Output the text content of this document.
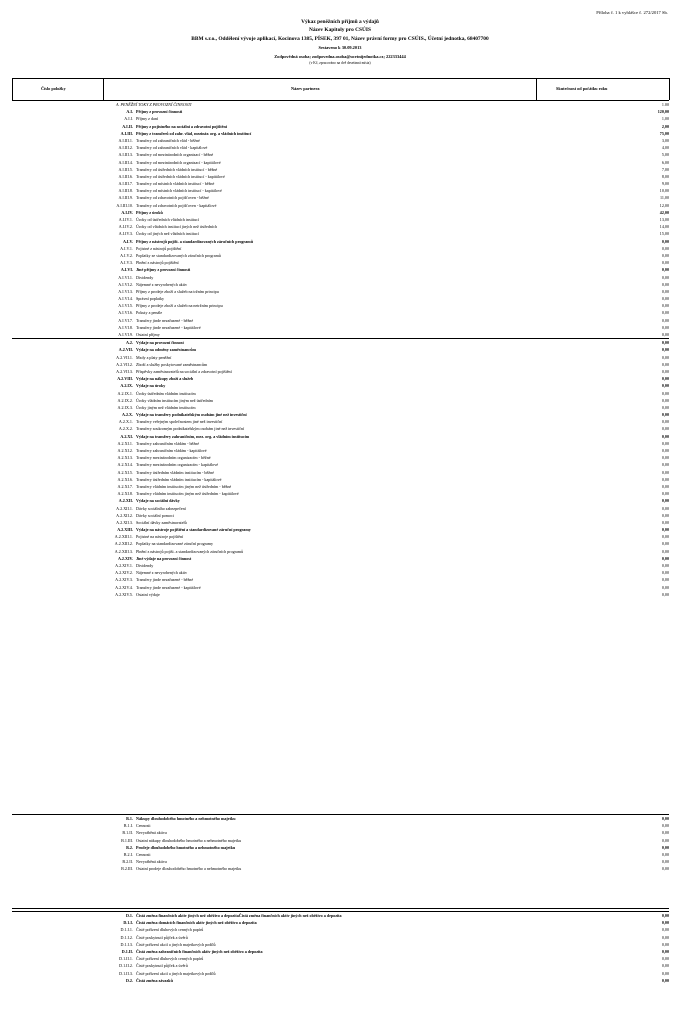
Příloha č. 1 k vyhlášce č. 272/2017 Sb.
Výkaz peněžních příjmů a výdajů
Název Kapitoly pro CSÚIS
BBM s.r.o., Oddělení vývoje aplikací, Kocinova 1385, PÍSEK, 397 01, Název právní formy pro CSÚIS., Účetní jednotka, 68407700
Sestaveno k 30.09.2013
Zodpovědná osoba; zodpovedna.osoba@ucetnijednotka.cz; 222333444
(v Kč, zpracováno na dvě desetinná místa)
Číslo položky	Název partnera	Skutečnost od počátku roku
A. PENĚŽNÍ TOKY Z PROVOZNÍ ČINNOSTI	1.00
A.I. Příjmy z provozní činnosti	120,00
A.I.I. Příjmy z daní	1,00
A.I.II. Příjmy z pojistného na sociální a zdravotní pojištění	2,00
A.I.III. Příjmy z transferů od zahr. vlád, mezinár. org. a vládních institucí	75,00
A.I.III.1. Transfery od zahraničních vlád - běžné	3,00
A.I.III.2. Transfery od zahraničních vlád - kapitálové	4,00
A.I.III.3. Transfery od mezinárodních organizací - běžné	5,00
A.I.III.4. Transfery od mezinárodních organizací - kapitálové	6,00
A.I.III.5. Transfery od ústředních vládních institucí - běžné	7,00
A.I.III.6. Transfery od ústředních vládních institucí - kapitálové	8,00
A.I.III.7. Transfery od místních vládních institucí - běžné	9,00
A.I.III.8. Transfery od místních vládních institucí - kapitálové	10,00
A.I.III.9. Transfery od zdravotních pojišťoven - běžné	11,00
A.I.III.10. Transfery od zdravotních pojišťoven - kapitálové	12,00
A.I.IV. Příjmy z úroků	42,00
A.I.IV.1. Úroky od ústředních vládních institucí	13,00
A.I.IV.2. Úroky od vládních institucí jiných než ústředních	14,00
A.I.IV.3. Úroky od jiných než vládních institucí	15,00
A.I.V. Příjmy z nástrojů pojišt. a standardizovaných záručních programů	0,00
A.I.V.1. Pojistné z nástrojů pojištění	0,00
A.I.V.2. Poplatky ze standardizovaných záručních programů	0,00
A.I.V.3. Plnění z nástrojů pojištění	0,00
A.I.VI. Jiné příjmy z provozní činnosti	0,00
A.I.VI.1. Dividendy	0,00
A.I.VI.2. Nájemné z nevyrobených aktiv	0,00
A.I.VI.3. Příjmy z prodeje zboží a služeb na tržním principu	0,00
A.I.VI.4. Správní poplatky	0,00
A.I.VI.5. Příjmy z prodeje zboží a služeb na netržním principu	0,00
A.I.VI.6. Pokuty a penále	0,00
A.I.VI.7. Transfery jinde nezařazené - běžné	0,00
A.I.VI.8. Transfery jinde nezařazené - kapitálové	0,00
A.I.VI.9. Ostatní příjmy	0,00
A.2. Výdaje na provozní činnost	0,00
A.2.VII. Výdaje na odměny zaměstnancům	0,00
A.2.VII.1. Mzdy a platy peněžní	0,00
A.2.VII.2. Zboží a služby poskytované zaměstnancům	0,00
A.2.VII.3. Příspěvky zaměstnavatelů na sociální a zdravotní pojištění	0,00
A.2.VIII. Výdaje na nákupy zboží a služeb	0,00
A.2.IX. Výdaje na úroky	0,00
A.2.IX.1. Úroky ústředním vládním institucím	0,00
A.2.IX.2. Úroky vládním institucím jiným než ústředním	0,00
A.2.IX.3. Úroky jiným než vládním institucím	0,00
A.2.X. Výdaje na transfery podnikatelským osobám jiné než investiční	0,00
A.2.X.1. Transfery veřejným společnostem jiné než investiční	0,00
A.2.X.2. Transfery soukromým podnikatelským osobám jiné než investiční	0,00
A.2.XI. Výdaje na transfery zahraničním, mez. org. a vládním institucím	0,00
A.2.XI.1. Transfery zahraničním vládám - běžné	0,00
A.2.XI.2. Transfery zahraničním vládám - kapitálové	0,00
A.2.XI.3. Transfery mezinárodním organizacím - běžné	0,00
A.2.XI.4. Transfery mezinárodním organizacím - kapitálové	0,00
A.2.XI.5. Transfery ústředním vládním institucím - běžné	0,00
A.2.XI.6. Transfery ústředním vládním institucím - kapitálové	0,00
A.2.XI.7. Transfery vládním institucím jiným než ústředním - běžné	0,00
A.2.XI.8. Transfery vládním institucím jiným než ústředním - kapitálové	0,00
A.2.XII. Výdaje na sociální dávky	0,00
A.2.XII.1. Dávky sociálního zabezpečení	0,00
A.2.XII.2. Dávky sociální pomoci	0,00
A.2.XII.3. Sociální dávky zaměstnavatelů	0,00
A.2.XIII. Výdaje na nástroje pojištění a standardizované záruční programy	0,00
A.2.XIII.1. Pojistné na nástroje pojištění	0,00
A.2.XIII.2. Poplatky na standardizované záruční programy	0,00
A.2.XIII.3. Plnění z nástrojů pojišt. a standardizovaných záručních programů	0,00
A.2.XIV. Jiné výdaje na provozní činnost	0,00
A.2.XIV.1. Dividendy	0,00
A.2.XIV.2. Nájemné z nevyrobených aktiv	0,00
A.2.XIV.3. Transfery jinde nezařazené - běžné	0,00
A.2.XIV.4. Transfery jinde nezařazené - kapitálové	0,00
A.2.XIV.5. Ostatní výdaje	0,00
B.1. Nákupy dlouhodobého hmotného a nehmotného majetku	0,00
B.1.I. Cennosti	0,00
B.1.II. Nevyráběná aktiva	0,00
B.1.III. Ostatní nákupy dlouhodobého hmotného a nehmotného majetku	0,00
B.2. Prodeje dlouhodobého hmotného a nehmotného majetku	0,00
B.2.I. Cennosti	0,00
B.2.II. Nevyráběná aktiva	0,00
B.2.III. Ostatní prodeje dlouhodobého hmotného a nehmotného majetku	0,00
D.1. Čistá změna finančních aktiv jiných než oběživo a depozitaČistá změna finančních aktiv jiných než oběživo a depozita	0,00
D.1.I. Čistá změna domácích finančních aktiv jiných než oběživo a depozita	0,00
D.1.I.1. Čisté pořízení dluhových cenných papírů	0,00
D.1.I.2. Čisté poskytnutí půjček a úvěrů	0,00
D.1.I.3. Čisté pořízení akcií a jiných majetkových podílů	0,00
D.1.II. Čistá změna zahraničních finančních aktiv jiných než oběživo a depozita	0,00
D.1.II.1. Čisté pořízení dluhových cenných papírů	0,00
D.1.II.2. Čisté poskytnutí půjček a úvěrů	0,00
D.1.II.3. Čisté pořízení akcií a jiných majetkových podílů	0,00
D.2. Čistá změna závazků	0,00
